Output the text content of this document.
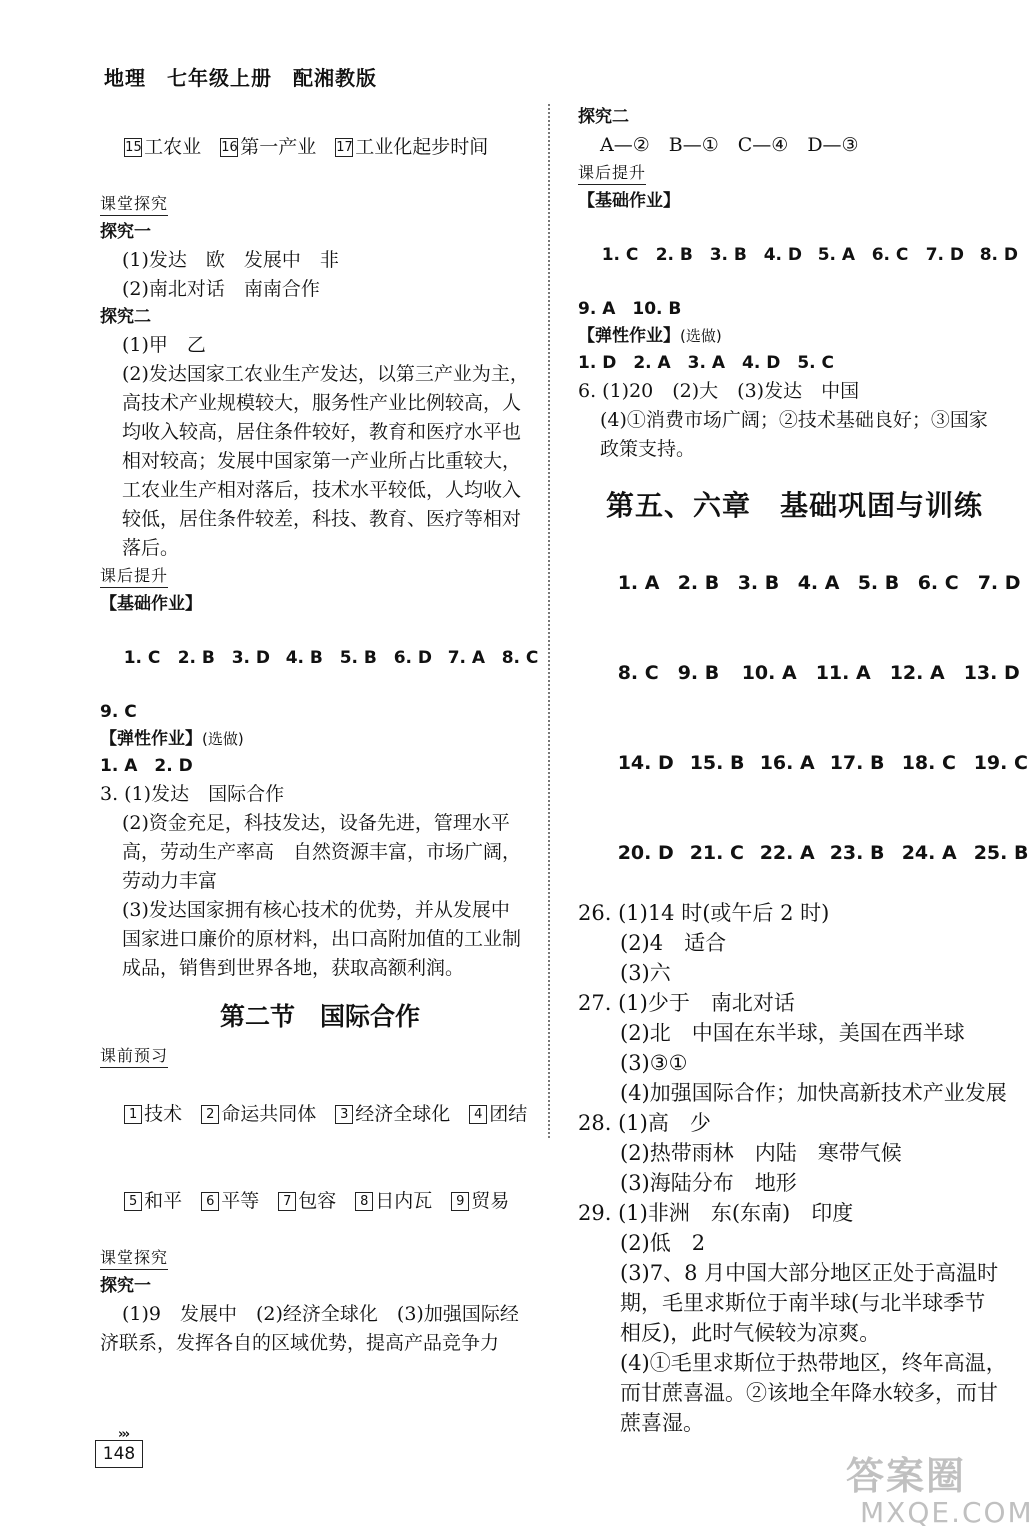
地理　七年级上册　配湘教版

15 工农业　 16 第一产业　 17 工业化起步时间

课堂探究
探究一
(1)发达　欧　发展中　非
(2)南北对话　南南合作
探究二
(1)甲　乙
(2)发达国家工农业生产发达，以第三产业为主，
高技术产业规模较大，服务性产业比例较高，人
均收入较高，居住条件较好，教育和医疗水平也
相对较高；发展中国家第一产业所占比重较大，
工农业生产相对落后，技术水平较低，人均收入
较低，居住条件较差，科技、教育、医疗等相对
落后。
课后提升
【基础作业】

1. C 2. B 3. D 4. B 5. B 6. D 7. A 8. C

9. C
【弹性作业】(选做)
1. A　2. D
3. (1)发达　国际合作
(2)资金充足，科技发达，设备先进，管理水平
高，劳动生产率高　自然资源丰富，市场广阔，
劳动力丰富
(3)发达国家拥有核心技术的优势，并从发展中
国家进口廉价的原材料，出口高附加值的工业制
成品，销售到世界各地，获取高额利润。
第二节　国际合作
课前预习

1 技术　 2 命运共同体　 3 经济全球化　 4 团结

5 和平　 6 平等　 7 包容　 8 日内瓦　 9 贸易

课堂探究
探究一
(1)9　发展中　(2)经济全球化　(3)加强国际经
济联系，发挥各自的区域优势，提高产品竞争力
探究二
A—②　B—①　C—④　D—③
课后提升
【基础作业】

1. C 2. B 3. B 4. D 5. A 6. C 7. D 8. D

9. A　10. B
【弹性作业】(选做)
1. D　2. A　3. A　4. D　5. C
6. (1)20　(2)大　(3)发达　中国
(4)①消费市场广阔；②技术基础良好；③国家
政策支持。
第五、六章　基础巩固与训练

1. A 2. B 3. B 4. A 5. B 6. C 7. D

8. C 9. B 10. A 11. A 12. A 13. D

14. D 15. B 16. A 17. B 18. C 19. C

20. D 21. C 22. A 23. B 24. A 25. B

26. (1)14 时(或午后 2 时)
(2)4　适合
(3)六
27. (1)少于　南北对话
(2)北　中国在东半球，美国在西半球
(3)③①
(4)加强国际合作；加快高新技术产业发展
28. (1)高　少
(2)热带雨林　内陆　寒带气候
(3)海陆分布　地形
29. (1)非洲　东(东南)　印度
(2)低　2
(3)7、8 月中国大部分地区正处于高温时
期，毛里求斯位于南半球(与北半球季节
相反)，此时气候较为凉爽。
(4)①毛里求斯位于热带地区，终年高温，
而甘蔗喜温。②该地全年降水较多，而甘
蔗喜湿。
›››
148	答案圈
MXQE.COM
